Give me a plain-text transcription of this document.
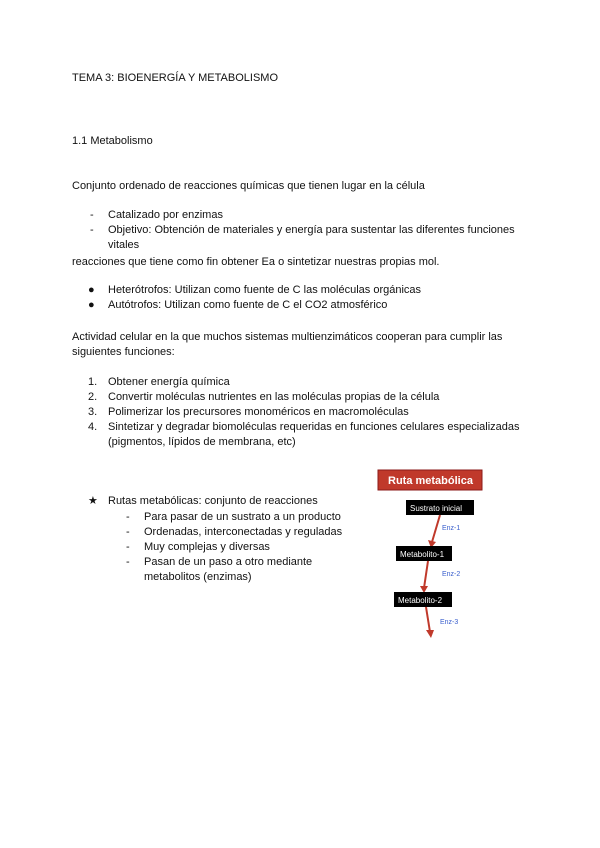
TEMA 3: BIOENERGÍA Y METABOLISMO
1.1 Metabolismo
Conjunto ordenado de reacciones químicas que tienen lugar en la célula
- Catalizado por enzimas
- Objetivo: Obtención de materiales y energía para sustentar las diferentes funciones
vitales
reacciones que tiene como fin obtener Ea o sintetizar nuestras propias mol.
● Heterótrofos: Utilizan como fuente de C las moléculas orgánicas
● Autótrofos: Utilizan como fuente de C el CO2 atmosférico
Actividad celular en la que muchos sistemas multienzimáticos cooperan para cumplir las
siguientes funciones:
1. Obtener energía química
2. Convertir moléculas nutrientes en las moléculas propias de la célula
3. Polimerizar los precursores monoméricos en macromoléculas
4. Sintetizar y degradar biomoléculas requeridas en funciones celulares especializadas
(pigmentos, lípidos de membrana, etc)
★ Rutas metabólicas: conjunto de reacciones
- Para pasar de un sustrato a un producto
- Ordenadas, interconectadas y reguladas
- Muy complejas y diversas
- Pasan de un paso a otro mediante
metabolitos (enzimas)
Ruta metabólica
Sustrato inicial
Enz-1
Metabolito-1
Enz-2
Metabolito-2
Enz-3
